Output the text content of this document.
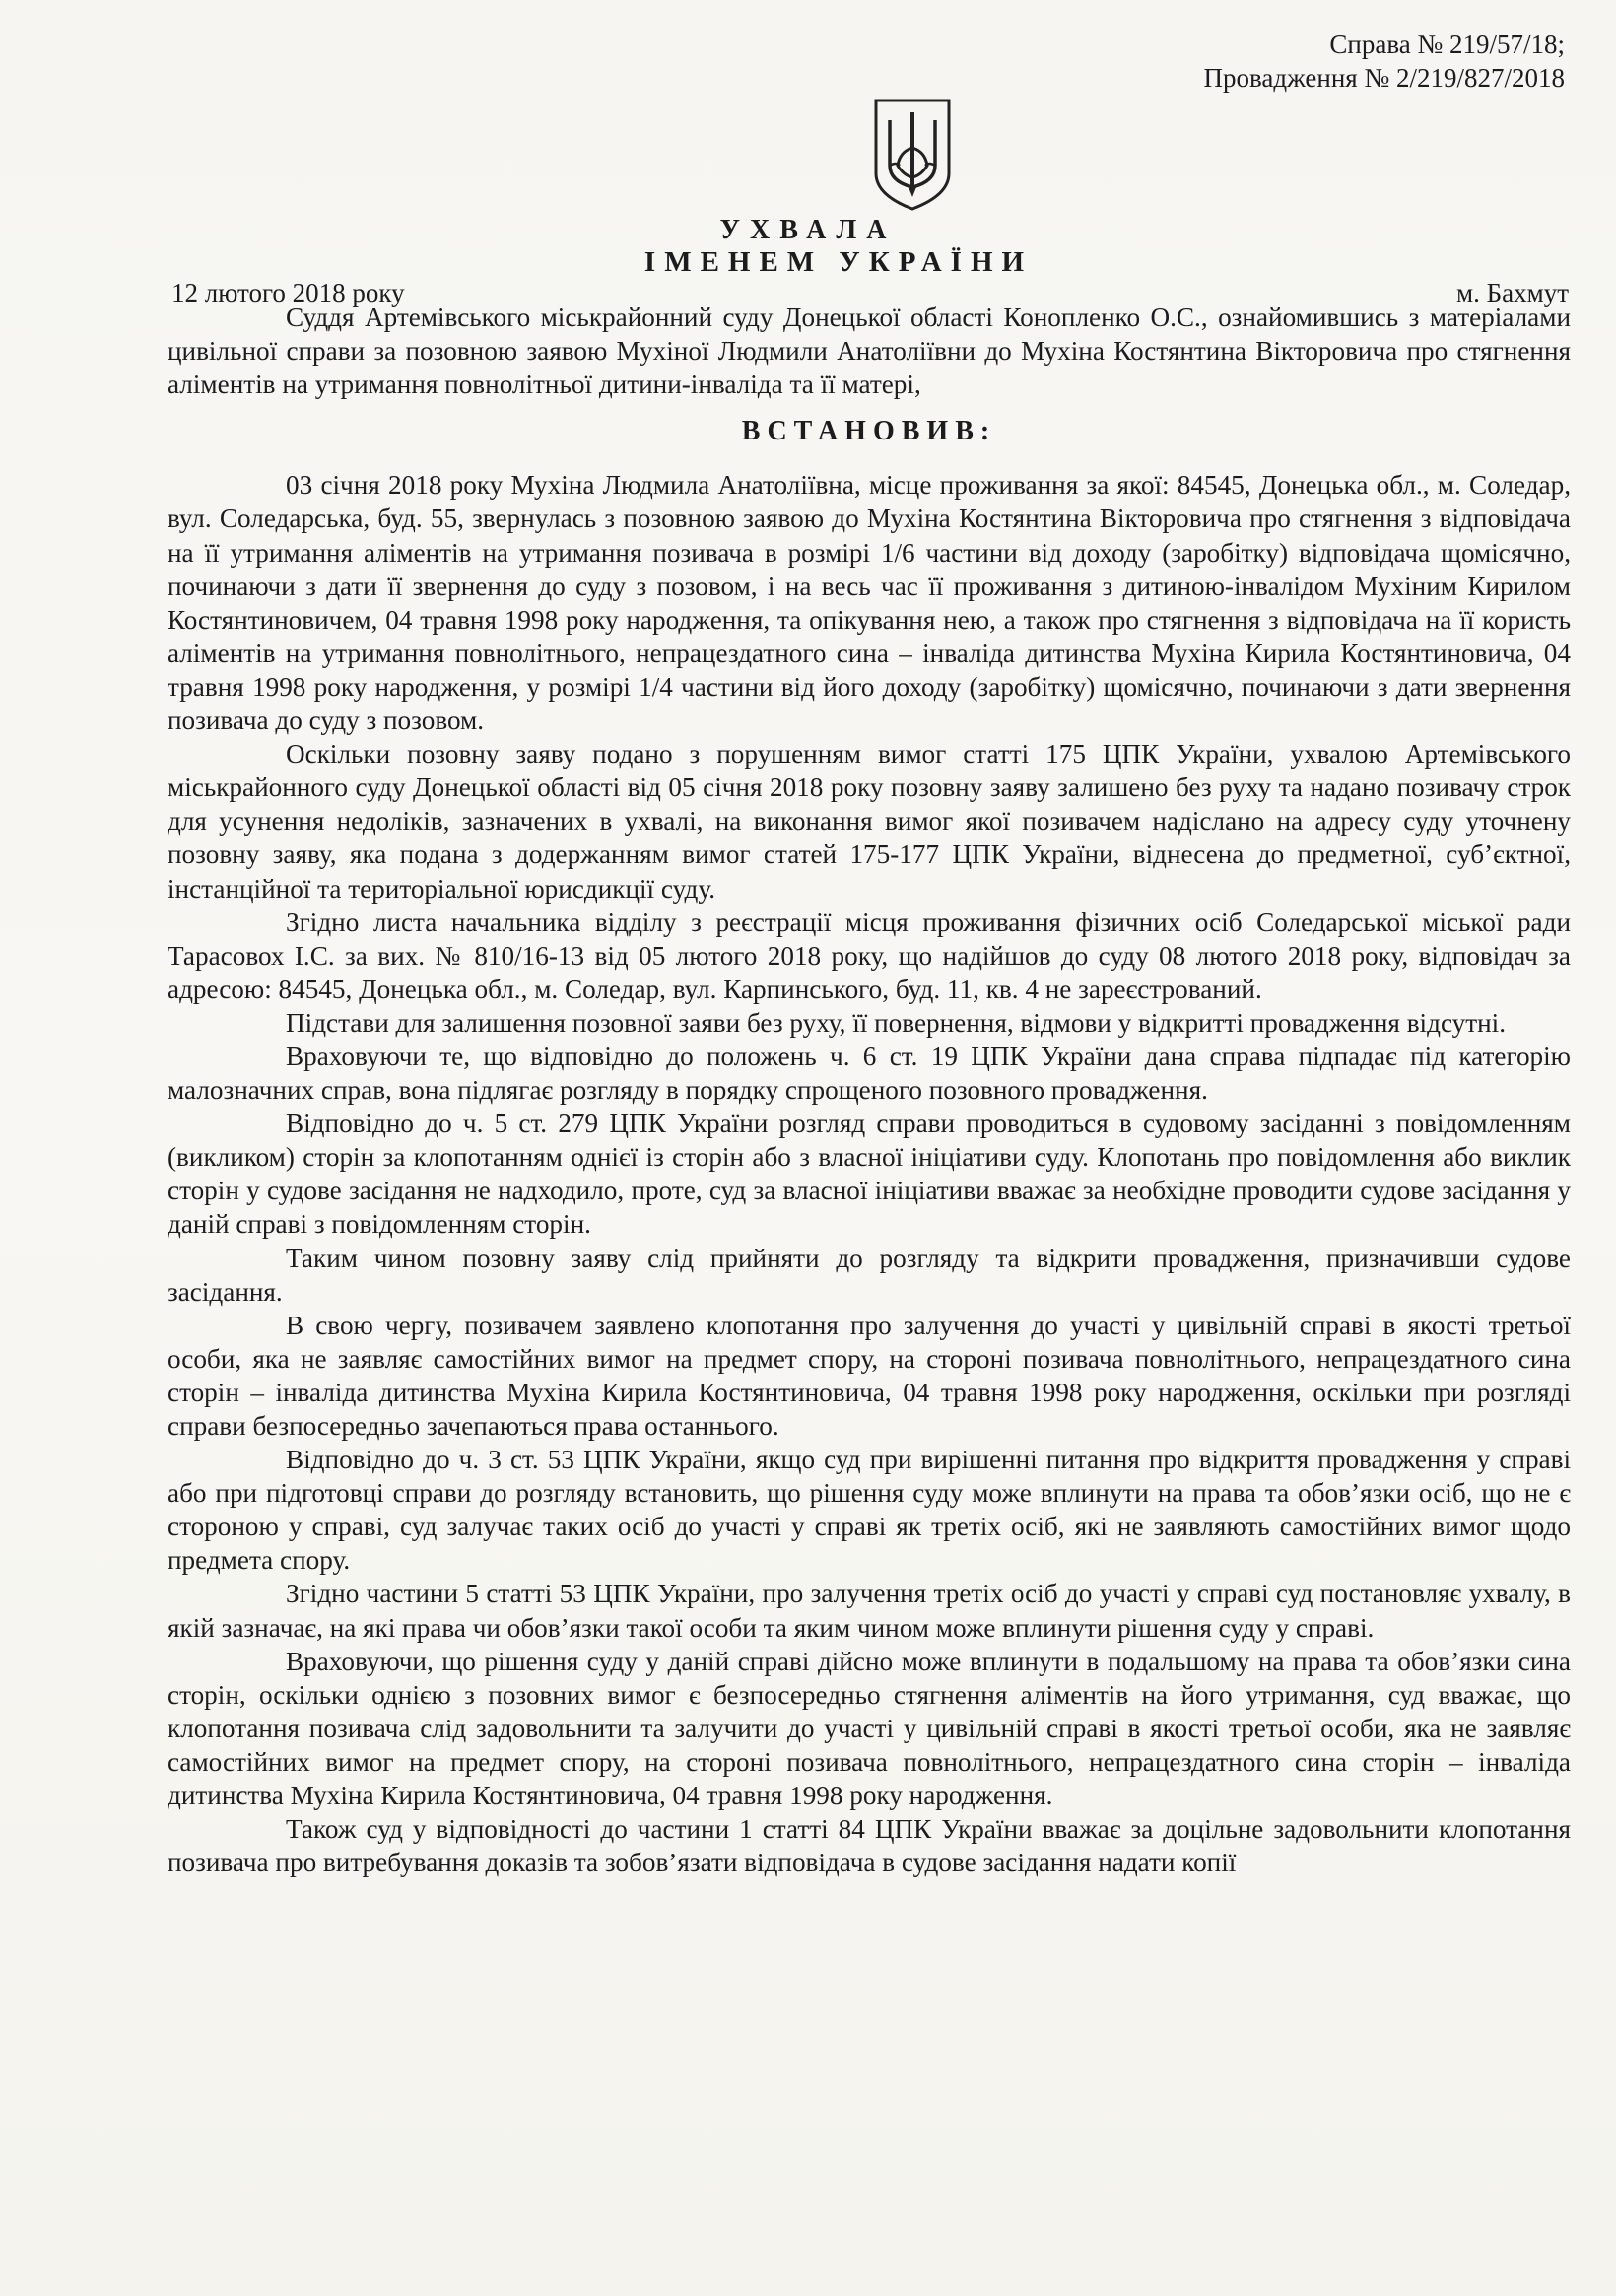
Справа № 219/57/18;
Провадження № 2/219/827/2018
УХВАЛА
ІМЕНЕМ УКРАЇНИ
12 лютого 2018 року	м. Бахмут

Суддя Артемівського міськрайонний суду Донецької області Конопленко О.С., ознайомившись з матеріалами цивільної справи за позовною заявою Мухіної Людмили Анатоліївни до Мухіна Костянтина Вікторовича про стягнення аліментів на утримання повнолітньої дитини-інваліда та її матері,

ВСТАНОВИВ:

03 січня 2018 року Мухіна Людмила Анатоліївна, місце проживання за якої: 84545, Донецька обл., м. Соледар, вул. Соледарська, буд. 55, звернулась з позовною заявою до Мухіна Костянтина Вікторовича про стягнення з відповідача на її утримання аліментів на утримання позивача в розмірі 1/6 частини від доходу (заробітку) відповідача щомісячно, починаючи з дати її звернення до суду з позовом, і на весь час її проживання з дитиною-інвалідом Мухіним Кирилом Костянтиновичем, 04 травня 1998 року народження, та опікування нею, а також про стягнення з відповідача на її користь аліментів на утримання повнолітнього, непрацездатного сина – інваліда дитинства Мухіна Кирила Костянтиновича, 04 травня 1998 року народження, у розмірі 1/4 частини від його доходу (заробітку) щомісячно, починаючи з дати звернення позивача до суду з позовом.

Оскільки позовну заяву подано з порушенням вимог статті 175 ЦПК України, ухвалою Артемівського міськрайонного суду Донецької області від 05 січня 2018 року позовну заяву залишено без руху та надано позивачу строк для усунення недоліків, зазначених в ухвалі, на виконання вимог якої позивачем надіслано на адресу суду уточнену позовну заяву, яка подана з додержанням вимог статей 175-177 ЦПК України, віднесена до предметної, суб’єктної, інстанційної та територіальної юрисдикції суду.

Згідно листа начальника відділу з реєстрації місця проживання фізичних осіб Соледарської міської ради Тарасовох І.С. за вих. № 810/16-13 від 05 лютого 2018 року, що надійшов до суду 08 лютого 2018 року, відповідач за адресою: 84545, Донецька обл., м. Соледар, вул. Карпинського, буд. 11, кв. 4 не зареєстрований.

Підстави для залишення позовної заяви без руху, її повернення, відмови у відкритті провадження відсутні.

Враховуючи те, що відповідно до положень ч. 6 ст. 19 ЦПК України дана справа підпадає під категорію малозначних справ, вона підлягає розгляду в порядку спрощеного позовного провадження.

Відповідно до ч. 5 ст. 279 ЦПК України розгляд справи проводиться в судовому засіданні з повідомленням (викликом) сторін за клопотанням однієї із сторін або з власної ініціативи суду. Клопотань про повідомлення або виклик сторін у судове засідання не надходило, проте, суд за власної ініціативи вважає за необхідне проводити судове засідання у даній справі з повідомленням сторін.

Таким чином позовну заяву слід прийняти до розгляду та відкрити провадження, призначивши судове засідання.

В свою чергу, позивачем заявлено клопотання про залучення до участі у цивільній справі в якості третьої особи, яка не заявляє самостійних вимог на предмет спору, на стороні позивача повнолітнього, непрацездатного сина сторін – інваліда дитинства Мухіна Кирила Костянтиновича, 04 травня 1998 року народження, оскільки при розгляді справи безпосередньо зачепаються права останнього.

Відповідно до ч. 3 ст. 53 ЦПК України, якщо суд при вирішенні питання про відкриття провадження у справі або при підготовці справи до розгляду встановить, що рішення суду може вплинути на права та обов’язки осіб, що не є стороною у справі, суд залучає таких осіб до участі у справі як третіх осіб, які не заявляють самостійних вимог щодо предмета спору.

Згідно частини 5 статті 53 ЦПК України, про залучення третіх осіб до участі у справі суд постановляє ухвалу, в якій зазначає, на які права чи обов’язки такої особи та яким чином може вплинути рішення суду у справі.

Враховуючи, що рішення суду у даній справі дійсно може вплинути в подальшому на права та обов’язки сина сторін, оскільки однією з позовних вимог є безпосередньо стягнення аліментів на його утримання, суд вважає, що клопотання позивача слід задовольнити та залучити до участі у цивільній справі в якості третьої особи, яка не заявляє самостійних вимог на предмет спору, на стороні позивача повнолітнього, непрацездатного сина сторін – інваліда дитинства Мухіна Кирила Костянтиновича, 04 травня 1998 року народження.

Також суд у відповідності до частини 1 статті 84 ЦПК України вважає за доцільне задовольнити клопотання позивача про витребування доказів та зобов’язати відповідача в судове засідання надати копії
